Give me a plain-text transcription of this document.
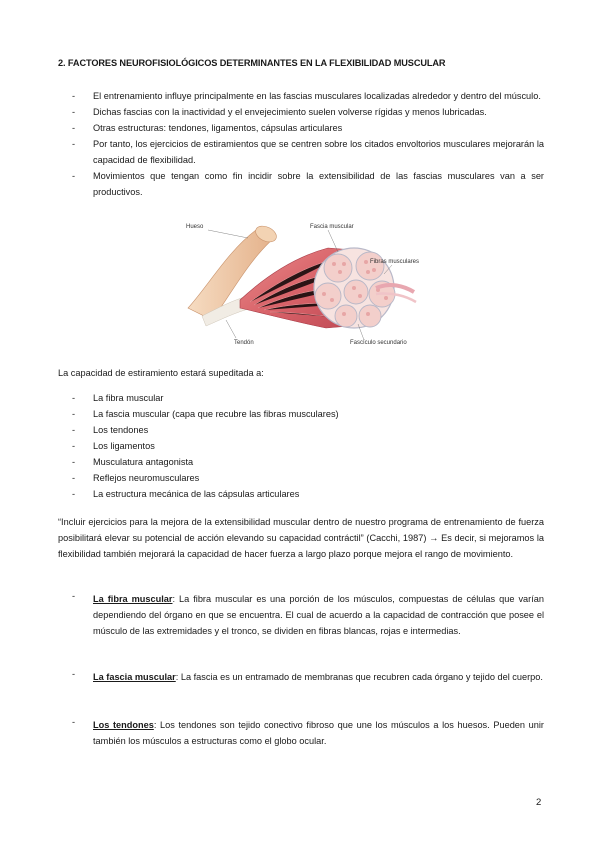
2. FACTORES NEUROFISIOLÓGICOS DETERMINANTES EN LA FLEXIBILIDAD MUSCULAR
- El entrenamiento influye principalmente en las fascias musculares localizadas alrededor y dentro del músculo.
- Dichas fascias con la inactividad y el envejecimiento suelen volverse rígidas y menos lubricadas.
- Otras estructuras: tendones, ligamentos, cápsulas articulares
- Por tanto, los ejercicios de estiramientos que se centren sobre los citados envoltorios musculares mejorarán la capacidad de flexibilidad.
- Movimientos que tengan como fin incidir sobre la extensibilidad de las fascias musculares van a ser productivos.
Hueso	Fascia muscular
Fibras musculares
Tendón	Fascículo secundario
La capacidad de estiramiento estará supeditada a:
- La fibra muscular
- La fascia muscular (capa que recubre las fibras musculares)
- Los tendones
- Los ligamentos
- Musculatura antagonista
- Reflejos neuromusculares
- La estructura mecánica de las cápsulas articulares
“Incluir ejercicios para la mejora de la extensibilidad muscular dentro de nuestro programa de entrenamiento de fuerza posibilitará elevar su potencial de acción elevando su capacidad contráctil” (Cacchi, 1987) → Es decir, si mejoramos la flexibilidad también mejorará la capacidad de hacer fuerza a largo plazo porque mejora el rango de movimiento.
- La fibra muscular: La fibra muscular es una porción de los músculos, compuestas de células que varían dependiendo del órgano en que se encuentra. El cual de acuerdo a la capacidad de contracción que posee el músculo de las extremidades y el tronco, se dividen en fibras blancas, rojas e intermedias.

- La fascia muscular: La fascia es un entramado de membranas que recubren cada órgano y tejido del cuerpo.

- Los tendones: Los tendones son tejido conectivo fibroso que une los músculos a los huesos. Pueden unir también los músculos a estructuras como el globo ocular.

2
